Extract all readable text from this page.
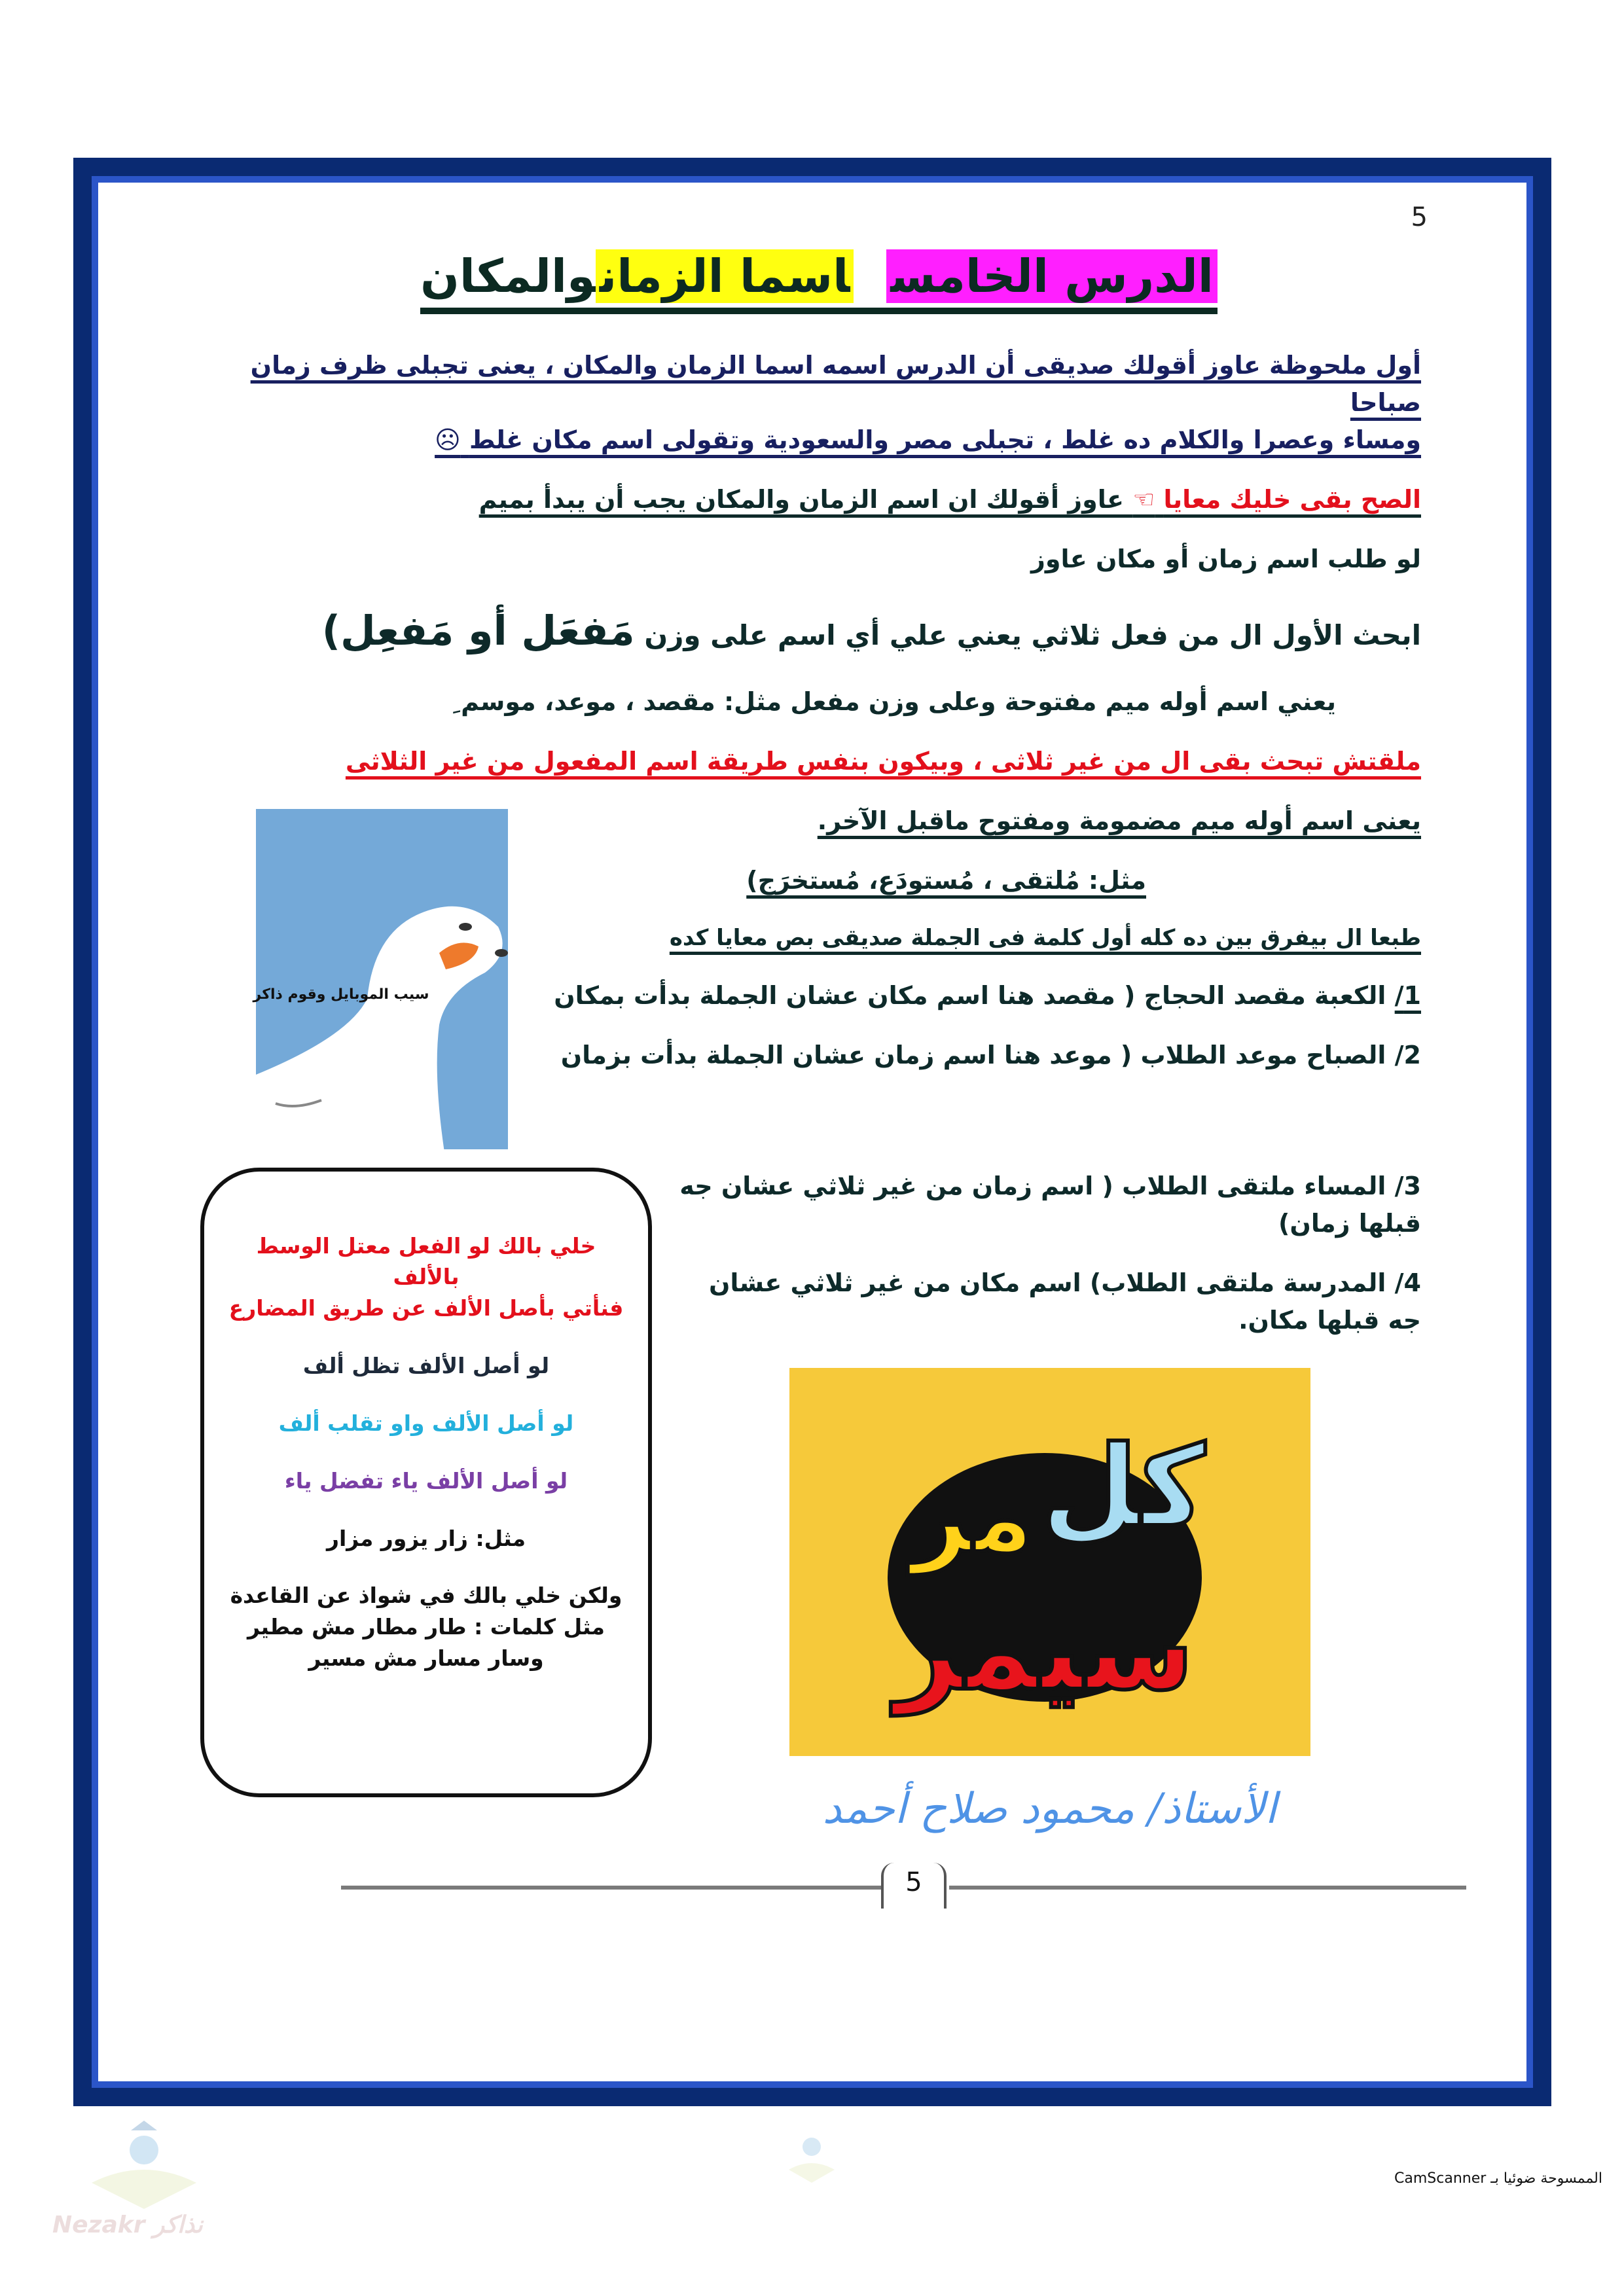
5
الدرس الخامساسما الزمانوالمكان
أول ملحوظة عاوز أقولك صديقى أن الدرس اسمه اسما الزمان والمكان ، يعنى تجبلى ظرف زمان صباحا
ومساء وعصرا والكلام ده غلط ، تجبلى مصر والسعودية وتقولى اسم مكان غلط ☹
الصح بقى خليك معايا ☜ عاوز أقولك ان اسم الزمان والمكان يجب أن يبدأ بميم
لو طلب اسم زمان أو مكان عاوز
ابحث الأول ال من فعل ثلاثي يعني علي أي اسم على وزن مَفعَل أو مَفعِل)
يعني اسم أوله ميم مفتوحة وعلى وزن مفعل مثل: مقصد ، موعد، موسم ِ
ملقتش تبحث بقى ال من غير ثلاثى ، وبيكون بنفس طريقة اسم المفعول من غير الثلاثى
سيب الموبايل وقوم ذاكر
يعنى اسم أوله ميم مضمومة ومفتوح ماقبل الآخر.
مثل: مُلتقى ، مُستودَع، مُستخرَج)
طبعا ال بيفرق بين ده كله أول كلمة فى الجملة صديقى بص معايا كده
1/ الكعبة مقصد الحجاج ( مقصد هنا اسم مكان عشان الجملة بدأت بمكان
2/ الصباح موعد الطلاب ( موعد هنا اسم زمان عشان الجملة بدأت بزمان
خلي بالك لو الفعل معتل الوسط بالألف
فنأتي بأصل الألف عن طريق المضارع
لو أصل الألف تظل ألف
لو أصل الألف واو تقلب ألف
لو أصل الألف ياء تفضل ياء
مثل: زار يزور مزار
ولكن خلي بالك في شواذ عن القاعدة
مثل كلمات : طار مطار مش مطير
وسار مسار مش مسير
3/ المساء ملتقى الطلاب ( اسم زمان من غير ثلاثي عشان جه قبلها زمان)
4/ المدرسة ملتقى الطلاب) اسم مكان من غير ثلاثي عشان جه قبلها مكان.
كل
مر
سيمر
الأستاذ/ محمود صلاح أحمد
5
Nezakr نذاكر
الممسوحة ضوئيا بـ CamScanner
